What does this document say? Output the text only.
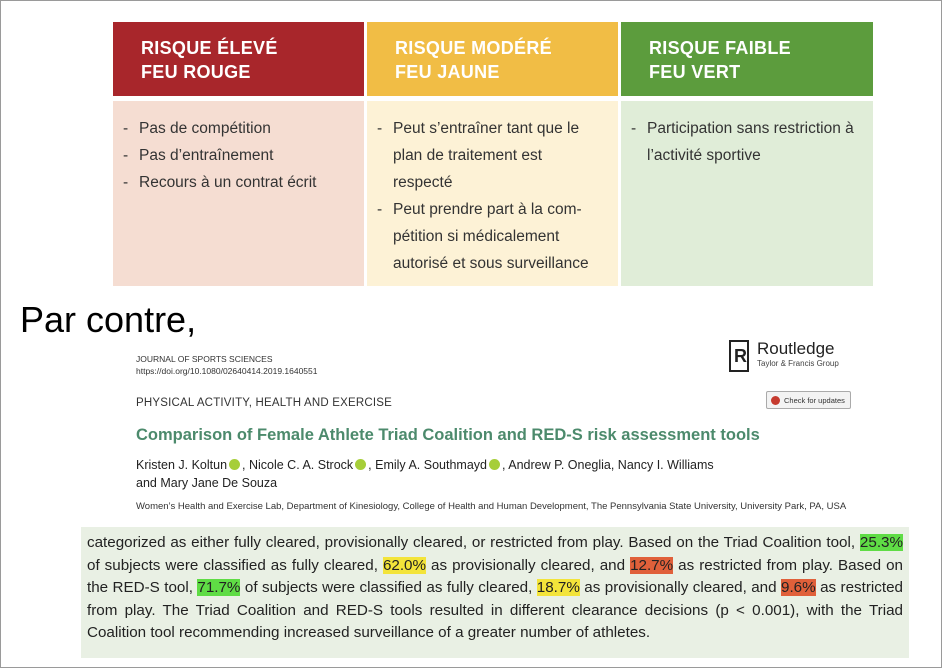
RISQUE ÉLEVÉ
FEU ROUGE
- Pas de compétition
- Pas d’entraînement
- Recours à un contrat écrit
RISQUE MODÉRÉ
FEU JAUNE
- Peut s’entraîner tant que le plan de traitement est respecté
- Peut prendre part à la com-pétition si médicalement autorisé et sous surveillance
RISQUE FAIBLE
FEU VERT
- Participation sans restriction à l’activité sportive
Par contre,
JOURNAL OF SPORTS SCIENCES
https://doi.org/10.1080/02640414.2019.1640551
R
Routledge
Taylor & Francis Group
PHYSICAL ACTIVITY, HEALTH AND EXERCISE	Check for updates
Comparison of Female Athlete Triad Coalition and RED-S risk assessment tools
Kristen J. Koltun , Nicole C. A. Strock , Emily A. Southmayd , Andrew P. Oneglia, Nancy I. Williams
and Mary Jane De Souza
Women’s Health and Exercise Lab, Department of Kinesiology, College of Health and Human Development, The Pennsylvania State University, University Park, PA, USA
categorized as either fully cleared, provisionally cleared, or restricted from play. Based on the Triad Coalition tool, 25.3% of subjects were classified as fully cleared, 62.0% as provisionally cleared, and 12.7% as restricted from play. Based on the RED-S tool, 71.7% of subjects were classified as fully cleared, 18.7% as provisionally cleared, and 9.6% as restricted from play. The Triad Coalition and RED-S tools resulted in different clearance decisions (p < 0.001), with the Triad Coalition tool recommending increased surveillance of a greater number of athletes.
